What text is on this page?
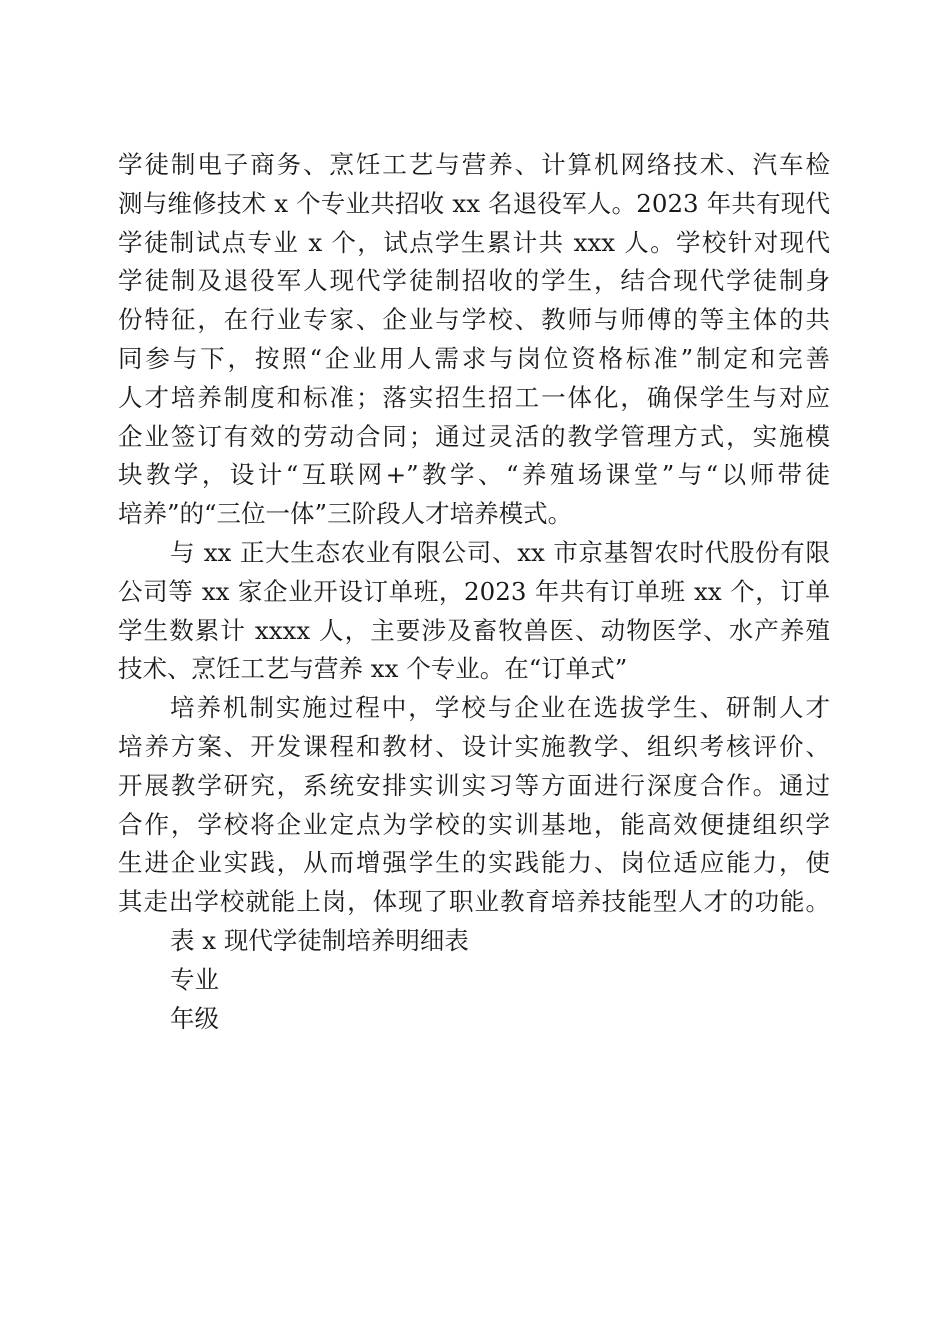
学徒制电子商务、烹饪工艺与营养、计算机网络技术、汽车检
测与维修技术 x 个专业共招收 xx 名退役军人。2023 年共有现代
学徒制试点专业 x 个，试点学生累计共 xxx 人。学校针对现代
学徒制及退役军人现代学徒制招收的学生，结合现代学徒制身
份特征，在行业专家、企业与学校、教师与师傅的等主体的共
同参与下，按照“企业用人需求与岗位资格标准”制定和完善
人才培养制度和标准；落实招生招工一体化，确保学生与对应
企业签订有效的劳动合同；通过灵活的教学管理方式，实施模
块教学，设计“互联网+”教学、“养殖场课堂”与“以师带徒
培养”的“三位一体”三阶段人才培养模式。
与 xx 正大生态农业有限公司、xx 市京基智农时代股份有限
公司等 xx 家企业开设订单班，2023 年共有订单班 xx 个，订单
学生数累计 xxxx 人，主要涉及畜牧兽医、动物医学、水产养殖
技术、烹饪工艺与营养 xx 个专业。在“订单式”
培养机制实施过程中，学校与企业在选拔学生、研制人才
培养方案、开发课程和教材、设计实施教学、组织考核评价、
开展教学研究，系统安排实训实习等方面进行深度合作。通过
合作，学校将企业定点为学校的实训基地，能高效便捷组织学
生进企业实践，从而增强学生的实践能力、岗位适应能力，使
其走出学校就能上岗，体现了职业教育培养技能型人才的功能。
表 x 现代学徒制培养明细表
专业
年级
